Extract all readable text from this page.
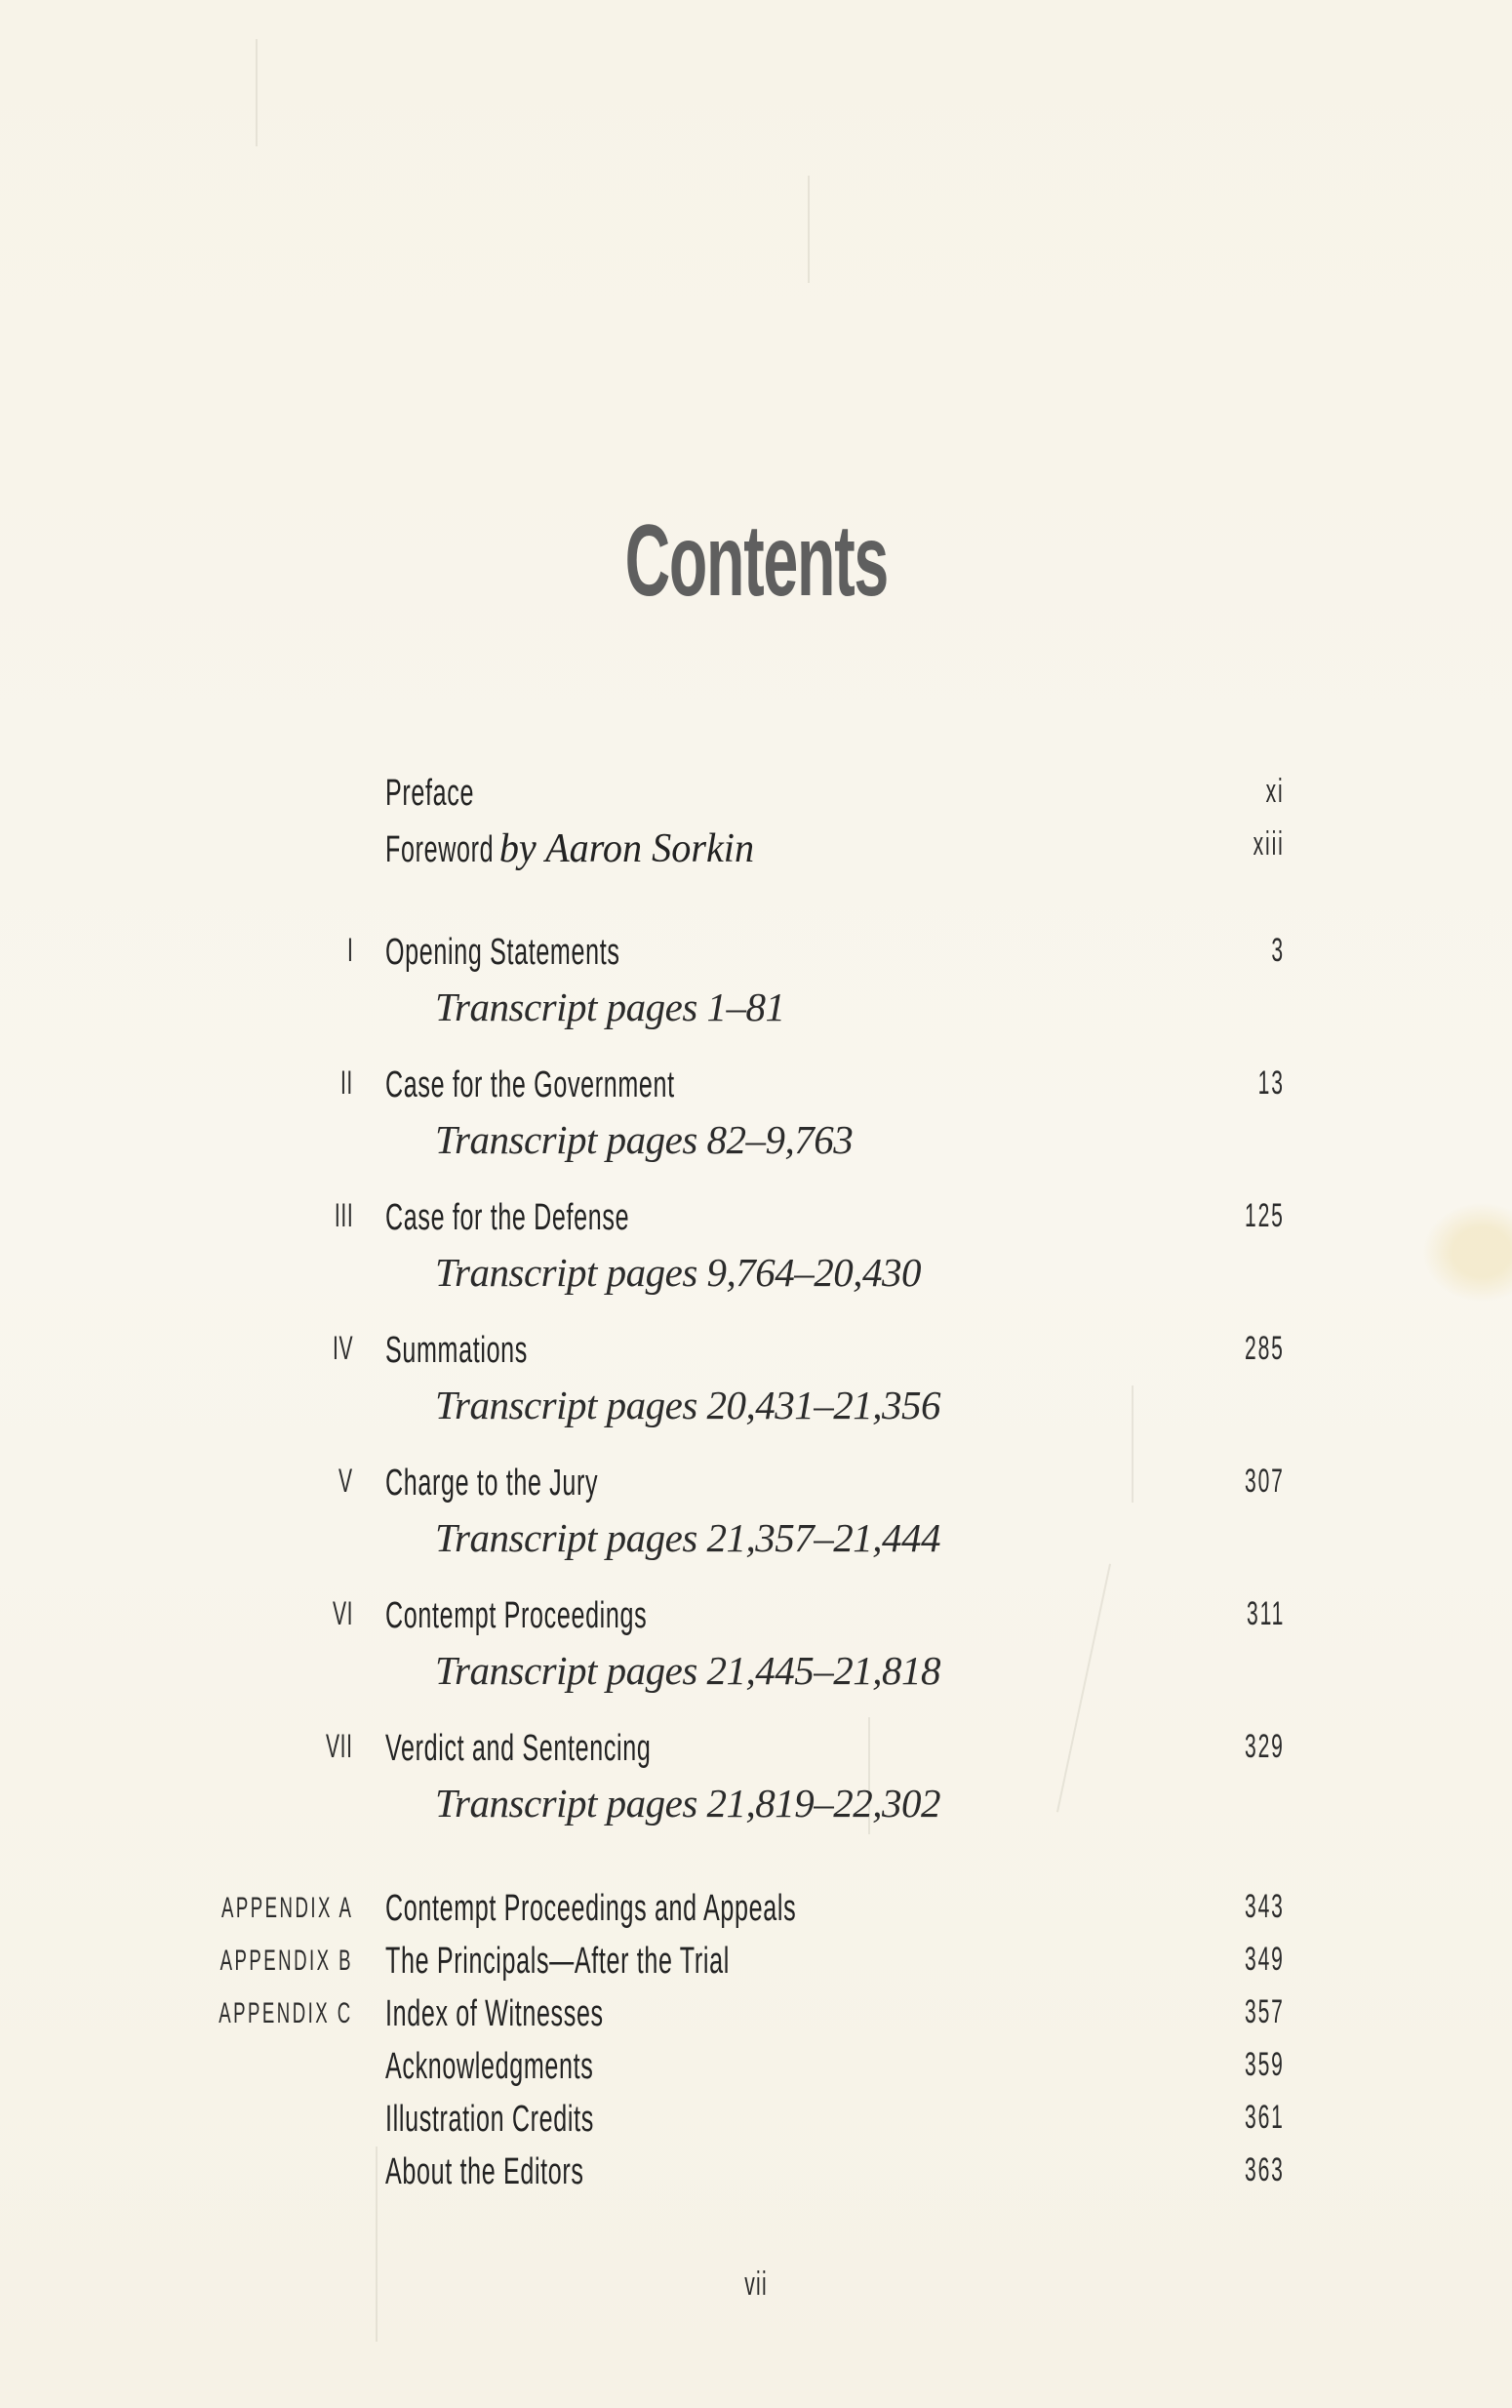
Contents
Preface	xi
Foreword by Aaron Sorkin	xiii
I Opening Statements	3
Transcript pages 1–81
II Case for the Government	13
Transcript pages 82–9,763
III Case for the Defense	125
Transcript pages 9,764–20,430
IV Summations	285
Transcript pages 20,431–21,356
V Charge to the Jury	307
Transcript pages 21,357–21,444
VI Contempt Proceedings	311
Transcript pages 21,445–21,818
VII Verdict and Sentencing	329
Transcript pages 21,819–22,302
APPENDIX A Contempt Proceedings and Appeals	343
APPENDIX B The Principals—After the Trial	349
APPENDIX C Index of Witnesses	357
Acknowledgments	359
Illustration Credits	361
About the Editors	363
vii
